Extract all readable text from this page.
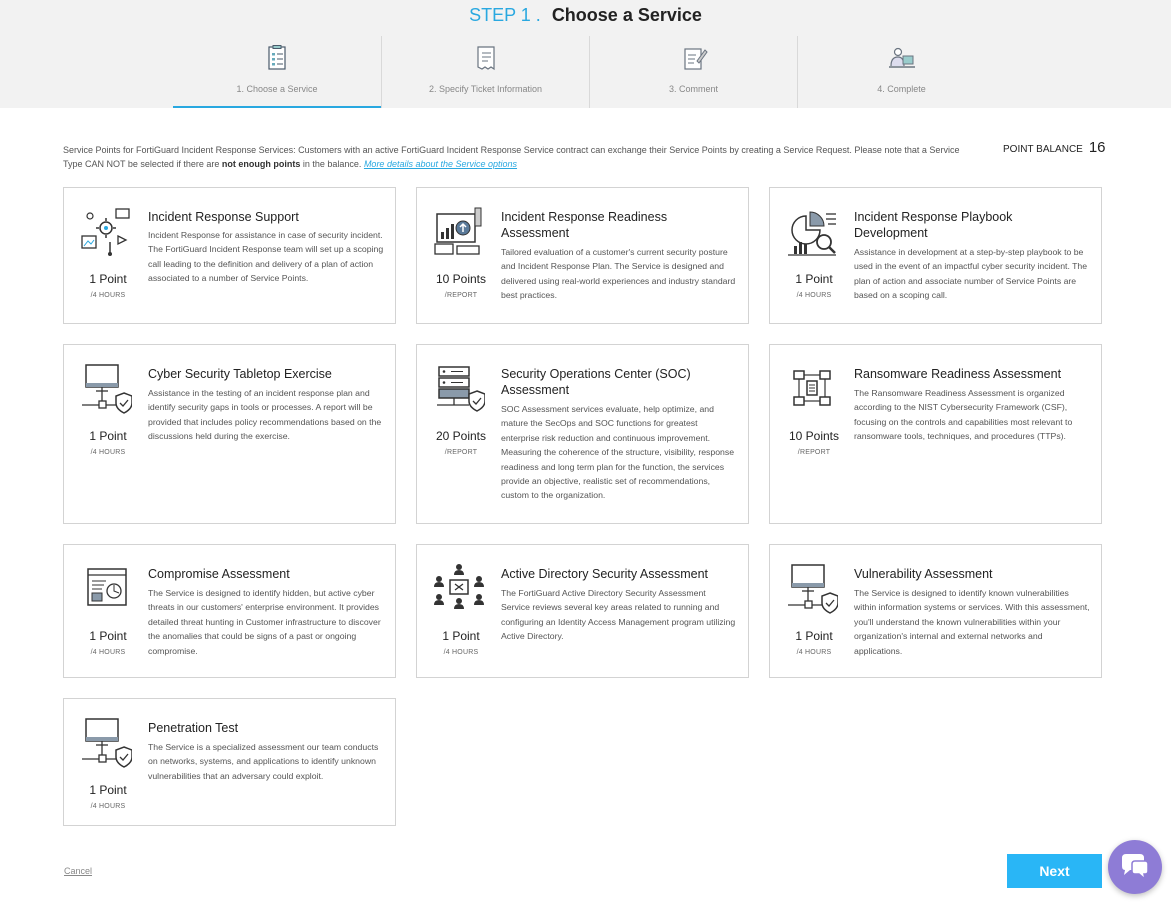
STEP 1 . Choose a Service
1. Choose a Service	2. Specify Ticket Information	3. Comment	4. Complete
Service Points for FortiGuard Incident Response Services: Customers with an active FortiGuard Incident Response Service contract can exchange their Service Points by creating a Service Request. Please note that a Service Type CAN NOT be selected if there are not enough points in the balance. More details about the Service options
POINT BALANCE 16
1 Point
/4 HOURS
Incident Response Support
Incident Response for assistance in case of security incident. The FortiGuard Incident Response team will set up a scoping call leading to the definition and delivery of a plan of action associated to a number of Service Points.	10 Points
/REPORT
Incident Response Readiness Assessment
Tailored evaluation of a customer's current security posture and Incident Response Plan. The Service is designed and delivered using real-world experiences and industry standard best practices.
1 Point
/4 HOURS
Incident Response Playbook Development
Assistance in development at a step-by-step playbook to be used in the event of an impactful cyber security incident. The plan of action and associate number of Service Points are based on a scoping call.
1 Point
/4 HOURS
Cyber Security Tabletop Exercise
Assistance in the testing of an incident response plan and identify security gaps in tools or processes. A report will be provided that includes policy recommendations based on the discussions held during the exercise.	20 Points
/REPORT
Security Operations Center (SOC) Assessment
SOC Assessment services evaluate, help optimize, and mature the SecOps and SOC functions for greatest enterprise risk reduction and continuous improvement. Measuring the coherence of the structure, visibility, response readiness and long term plan for the function, the services provide an objective, realistic set of recommendations, custom to the organization.
10 Points
/REPORT
Ransomware Readiness Assessment
The Ransomware Readiness Assessment is organized according to the NIST Cybersecurity Framework (CSF), focusing on the controls and capabilities most relevant to ransomware tools, techniques, and procedures (TTPs).
1 Point
/4 HOURS
Compromise Assessment
The Service is designed to identify hidden, but active cyber threats in our customers' enterprise environment. It provides detailed threat hunting in Customer infrastructure to discover the anomalies that could be signs of a past or ongoing compromise.
1 Point
/4 HOURS
Active Directory Security Assessment
The FortiGuard Active Directory Security Assessment Service reviews several key areas related to running and configuring an Identity Access Management program utilizing Active Directory.	1 Point
/4 HOURS
Vulnerability Assessment
The Service is designed to identify known vulnerabilities within information systems or services. With this assessment, you'll understand the known vulnerabilities within your organization's internal and external networks and applications.
1 Point
/4 HOURS
Penetration Test
The Service is a specialized assessment our team conducts on networks, systems, and applications to identify unknown vulnerabilities that an adversary could exploit.
Cancel	Next
